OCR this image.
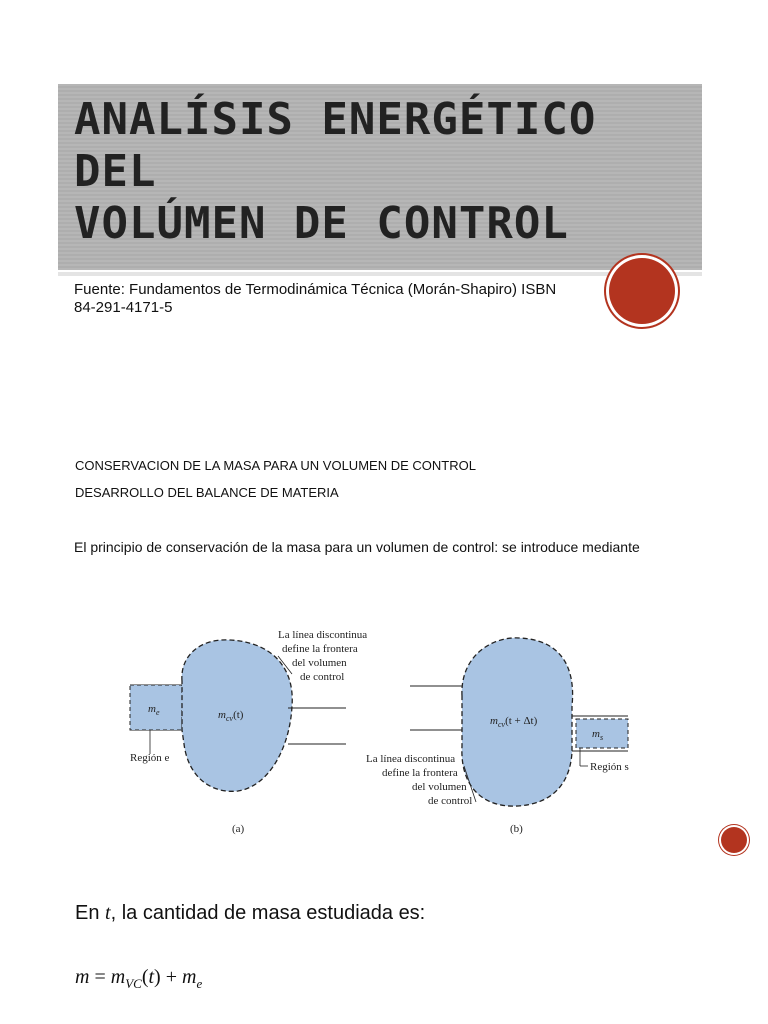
ANALÍSIS ENERGÉTICO DEL
VOLÚMEN DE CONTROL
Fuente: Fundamentos de Termodinámica Técnica (Morán-Shapiro) ISBN 84-291-4171-5
CONSERVACION DE LA MASA PARA UN VOLUMEN DE CONTROL
DESARROLLO DEL BALANCE DE MATERIA
El principio de conservación de la masa para un volumen de control: se introduce mediante
$m_e$	$m_{cv}(t)$
Región e
La línea discontinua
define la frontera
del volumen
de control
(a)
$m_{cv}(t + \Delta t)$
$m_s$
Región s
La línea discontinua
define la frontera
del volumen
de control
(b)
En t, la cantidad de masa estudiada es:
$m = m_{VC}(t) + m_e$
